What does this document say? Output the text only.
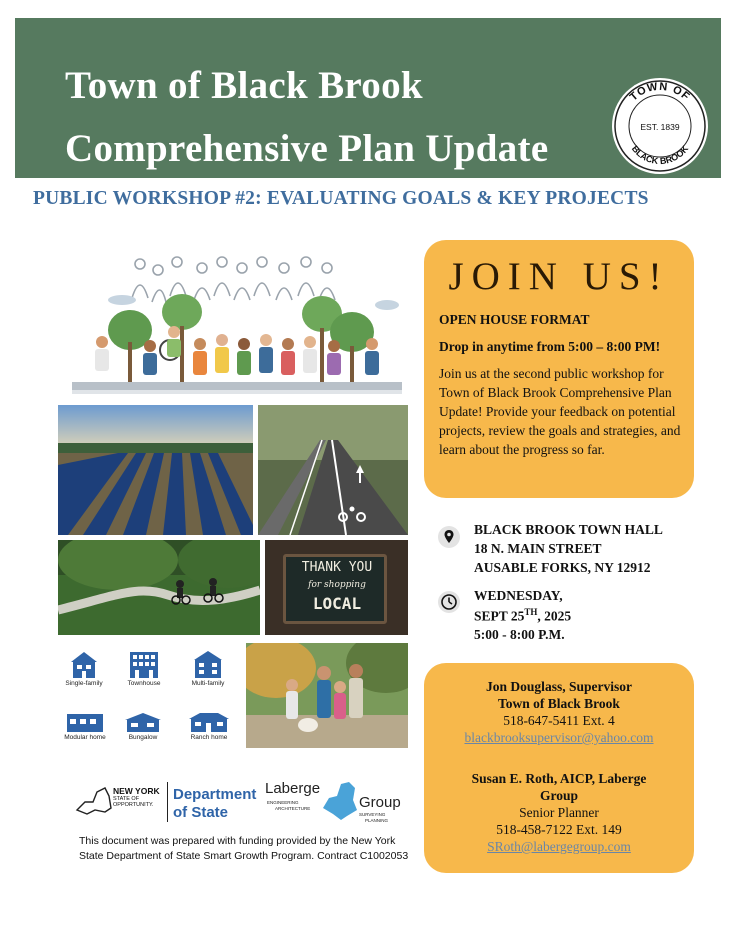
Town of Black Brook
Comprehensive Plan Update
TOWN OF
EST. 1839
BLACK BROOK
PUBLIC WORKSHOP #2: EVALUATING GOALS & KEY PROJECTS
THANK YOU
for shopping
LOCAL
Single-family	Townhouse	Multi-family
Modular home	Bungalow	Ranch home
NEW YORK
STATE OF
OPPORTUNITY.
Department
of State
Laberge
ENGINEERING
ARCHITECTURE	Group
SURVEYING
PLANNING
This document was prepared with funding provided by the New York State Department of State Smart Growth Program. Contract C1002053
JOIN US!
OPEN HOUSE FORMAT
Drop in anytime from 5:00 – 8:00 PM!
Join us at the second public workshop for Town of Black Brook Comprehensive Plan Update! Provide your feedback on potential projects, review the goals and strategies, and learn about the progress so far.
BLACK BROOK TOWN HALL
18 N. MAIN STREET
AUSABLE FORKS, NY 12912
WEDNESDAY,
SEPT 25TH, 2025
5:00 - 8:00 P.M.
Jon Douglass, Supervisor
Town of Black Brook
518-647-5411 Ext. 4
blackbrooksupervisor@yahoo.com
Susan E. Roth, AICP, Laberge
Group
Senior Planner
518-458-7122 Ext. 149
SRoth@labergegroup.com
